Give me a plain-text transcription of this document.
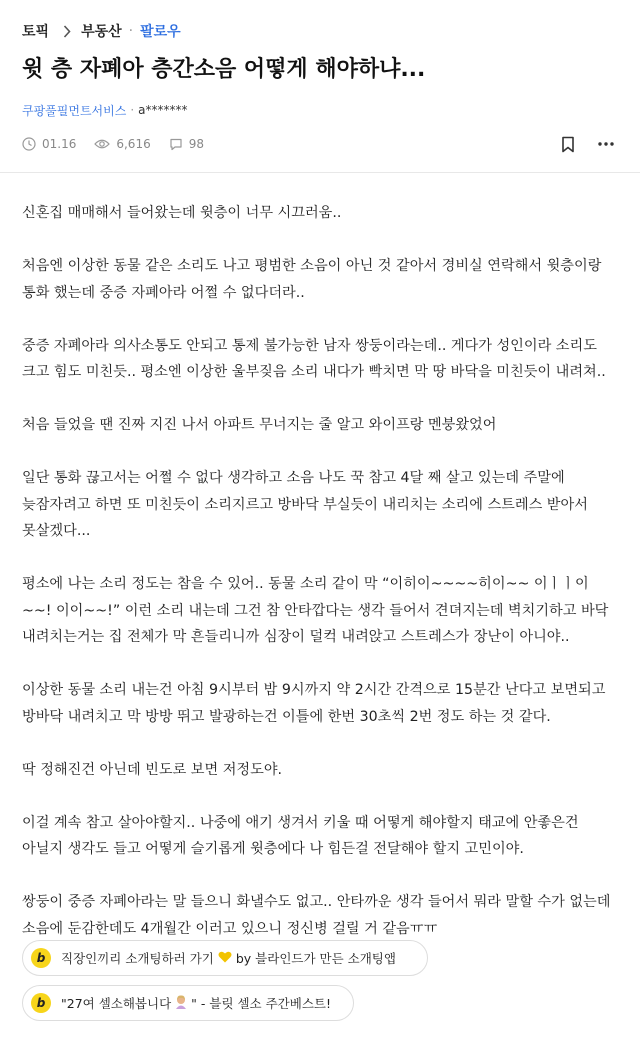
토픽 부동산 · 팔로우
윗 층 자폐아 층간소음 어떻게 해야하냐...
쿠팡풀필먼트서비스 · a*******
01.16	6,616	98

신혼집 매매해서 들어왔는데 윗층이 너무 시끄러움..

처음엔 이상한 동물 같은 소리도 나고 평범한 소음이 아닌 것 같아서 경비실 연락해서 윗층이랑 통화 했는데 중증 자폐아라 어쩔 수 없다더라..

중증 자폐아라 의사소통도 안되고 통제 불가능한 남자 쌍둥이라는데.. 게다가 성인이라 소리도 크고 힘도 미친듯.. 평소엔 이상한 울부짖음 소리 내다가 빡치면 막 땅 바닥을 미친듯이 내려쳐..

처음 들었을 땐 진짜 지진 나서 아파트 무너지는 줄 알고 와이프랑 멘붕왔었어

일단 통화 끊고서는 어쩔 수 없다 생각하고 소음 나도 꾹 참고 4달 째 살고 있는데 주말에 늦잠자려고 하면 또 미친듯이 소리지르고 방바닥 부실듯이 내리치는 소리에 스트레스 받아서 못살겠다...

평소에 나는 소리 정도는 참을 수 있어.. 동물 소리 같이 막 “이히이~~~~히이~~ 이ㅣㅣ이~~! 이이~~!” 이런 소리 내는데 그건 참 안타깝다는 생각 들어서 견뎌지는데 벽치기하고 바닥 내려치는거는 집 전체가 막 흔들리니까 심장이 덜컥 내려앉고 스트레스가 장난이 아니야..

이상한 동물 소리 내는건 아침 9시부터 밤 9시까지 약 2시간 간격으로 15분간 난다고 보면되고 방바닥 내려치고 막 방방 뛰고 발광하는건 이틀에 한번 30초씩 2번 정도 하는 것 같다.

딱 정해진건 아닌데 빈도로 보면 저정도야.

이걸 계속 참고 살아야할지.. 나중에 애기 생겨서 키울 때 어떻게 해야할지 태교에 안좋은건 아닐지 생각도 들고 어떻게 슬기롭게 윗층에다 나 힘든걸 전달해야 할지 고민이야.

쌍둥이 중증 자폐아라는 말 들으니 화낼수도 없고.. 안타까운 생각 들어서 뭐라 말할 수가 없는데 소음에 둔감한데도 4개월간 이러고 있으니 정신병 걸릴 거 같음ㅠㅠ

b	직장인끼리 소개팅하러 가기 by 블라인드가 만든 소개팅앱
b	"27여 셀소해봅니다 " - 블릿 셀소 주간베스트!
